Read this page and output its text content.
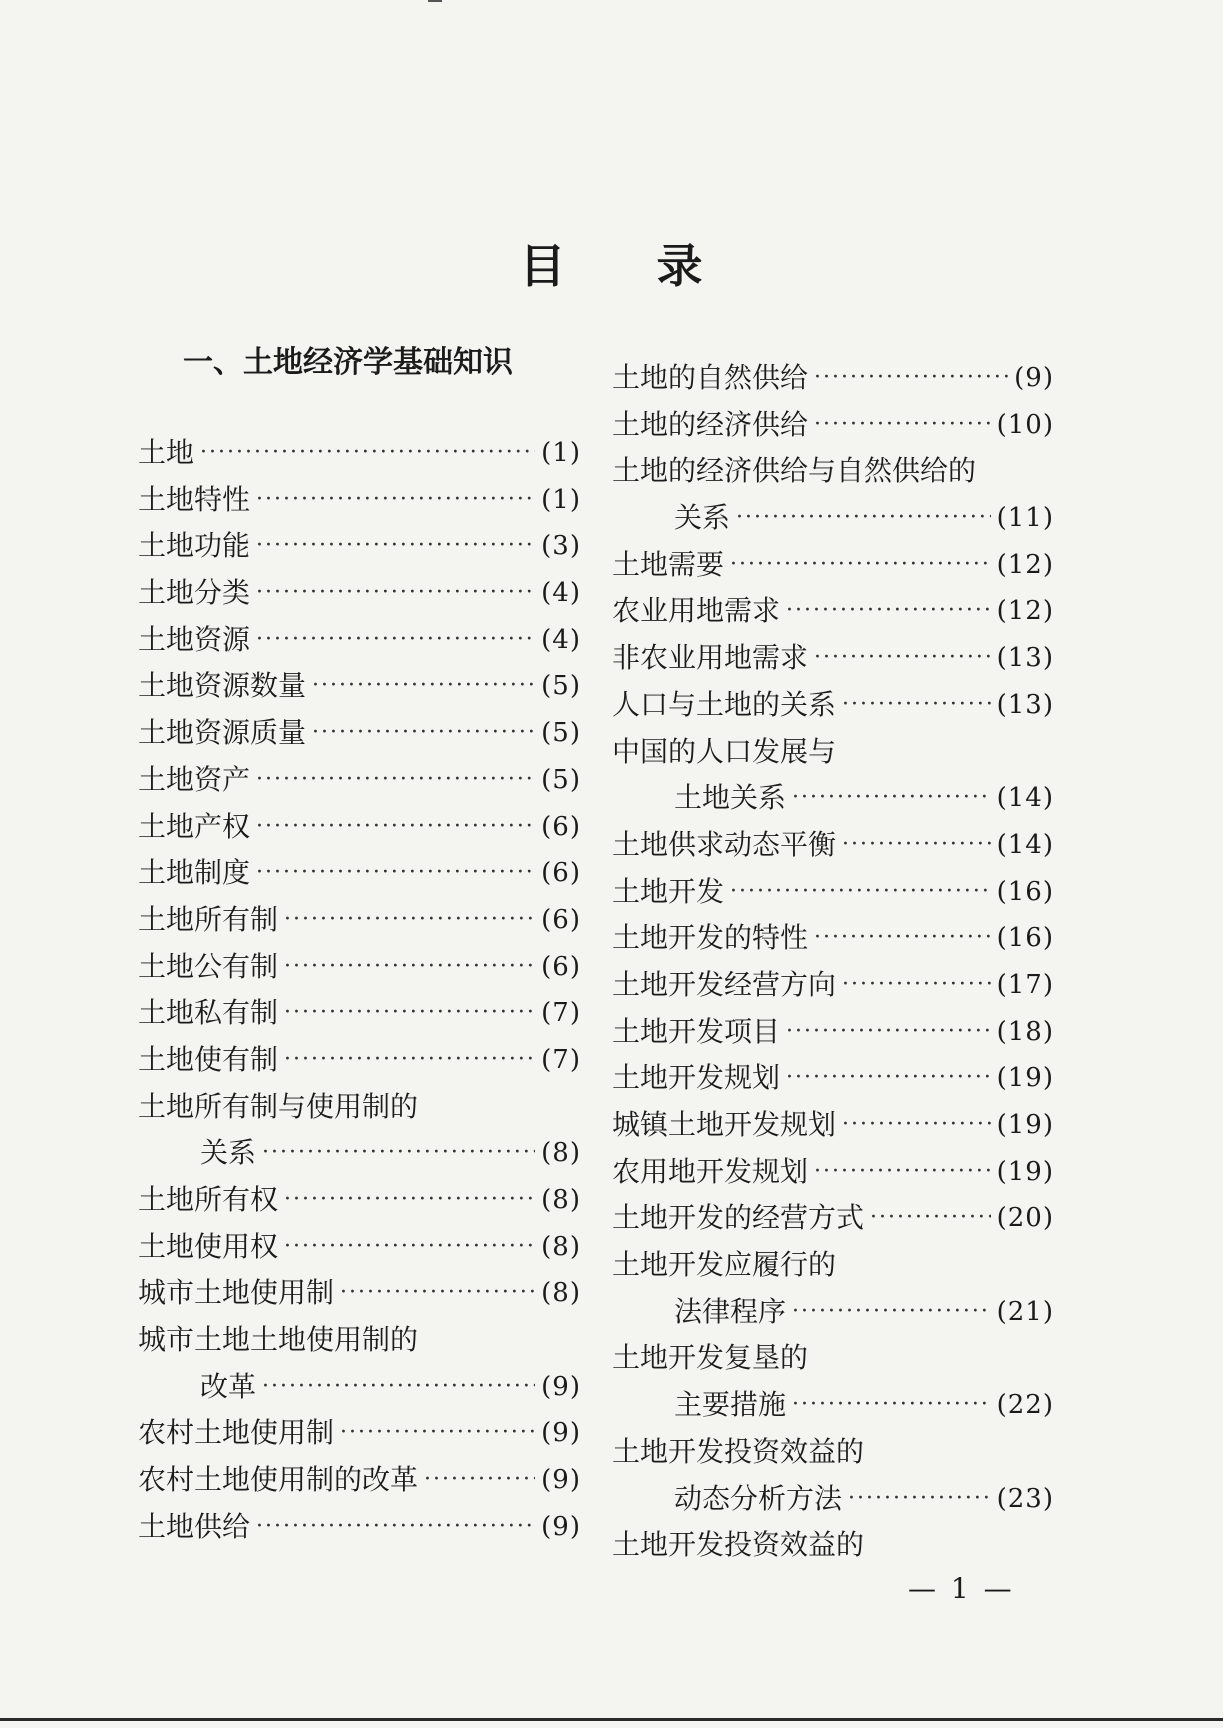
目 录
一、土地经济学基础知识
土地 ·····	(1)
土地特性 ·····	(1)
土地功能 ·····	(3)
土地分类 ·····	(4)
土地资源 ·····	(4)
土地资源数量 ·····	(5)
土地资源质量 ·····	(5)
土地资产 ·····	(5)
土地产权 ·····	(6)
土地制度 ·····	(6)
土地所有制 ·····	(6)
土地公有制 ·····	(6)
土地私有制 ·····	(7)
土地使有制 ·····	(7)
土地所有制与使用制的
关系 ·····	(8)
土地所有权 ·····	(8)
土地使用权 ·····	(8)
城市土地使用制 ·····	(8)
城市土地土地使用制的
改革 ·····	(9)
农村土地使用制 ·····	(9)
农村土地使用制的改革 ·····	(9)
土地供给 ·····	(9)
土地的自然供给 ·····	(9)
土地的经济供给 ·····	(10)
土地的经济供给与自然供给的
关系 ·····	(11)
土地需要 ·····	(12)
农业用地需求 ·····	(12)
非农业用地需求 ·····	(13)
人口与土地的关系 ·····	(13)
中国的人口发展与
土地关系 ·····	(14)
土地供求动态平衡 ·····	(14)
土地开发 ·····	(16)
土地开发的特性 ·····	(16)
土地开发经营方向 ·····	(17)
土地开发项目 ·····	(18)
土地开发规划 ·····	(19)
城镇土地开发规划 ·····	(19)
农用地开发规划 ·····	(19)
土地开发的经营方式 ·····	(20)
土地开发应履行的
法律程序 ·····	(21)
土地开发复垦的
主要措施 ·····	(22)
土地开发投资效益的
动态分析方法 ·····	(23)
土地开发投资效益的
— 1 —
